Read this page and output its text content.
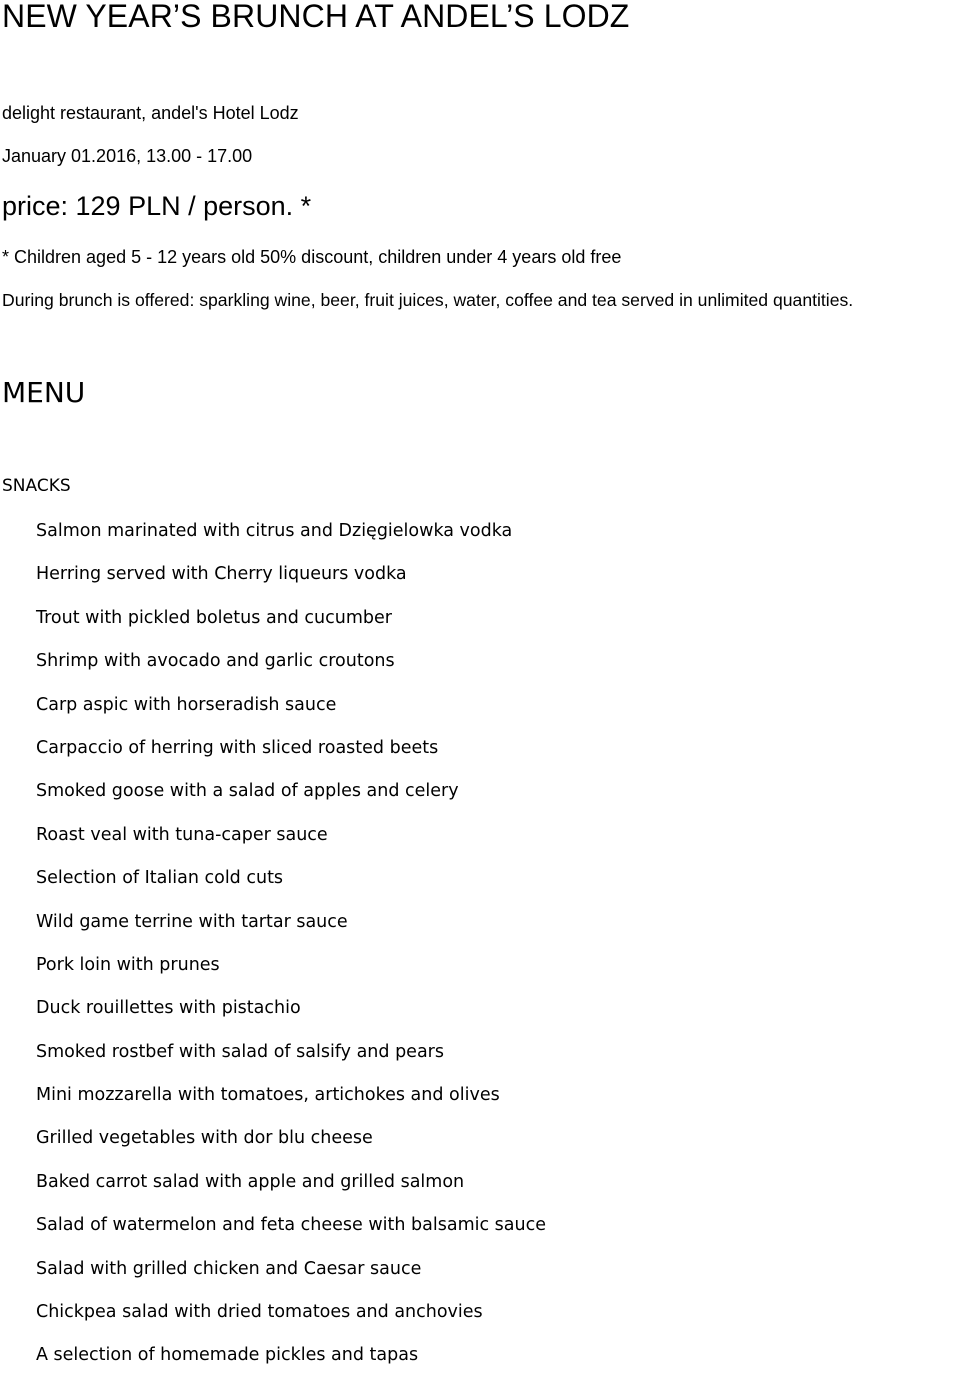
NEW YEAR’S BRUNCH AT ANDEL’S LODZ
delight restaurant, andel's Hotel Lodz
January 01.2016, 13.00 - 17.00
price: 129 PLN / person. *
* Children aged 5 - 12 years old 50% discount, children under 4 years old free
During brunch is offered: sparkling wine, beer, fruit juices, water, coffee and tea served in unlimited quantities.
MENU
SNACKS
Salmon marinated with citrus and Dzięgielowka vodka
Herring served with Cherry liqueurs vodka
Trout with pickled boletus and cucumber
Shrimp with avocado and garlic croutons
Carp aspic with horseradish sauce
Carpaccio of herring with sliced roasted beets
Smoked goose with a salad of apples and celery
Roast veal with tuna-caper sauce
Selection of Italian cold cuts
Wild game terrine with tartar sauce
Pork loin with prunes
Duck rouillettes with pistachio
Smoked rostbef with salad of salsify and pears
Mini mozzarella with tomatoes, artichokes and olives
Grilled vegetables with dor blu cheese
Baked carrot salad with apple and grilled salmon
Salad of watermelon and feta cheese with balsamic sauce
Salad with grilled chicken and Caesar sauce
Chickpea salad with dried tomatoes and anchovies
A selection of homemade pickles and tapas
